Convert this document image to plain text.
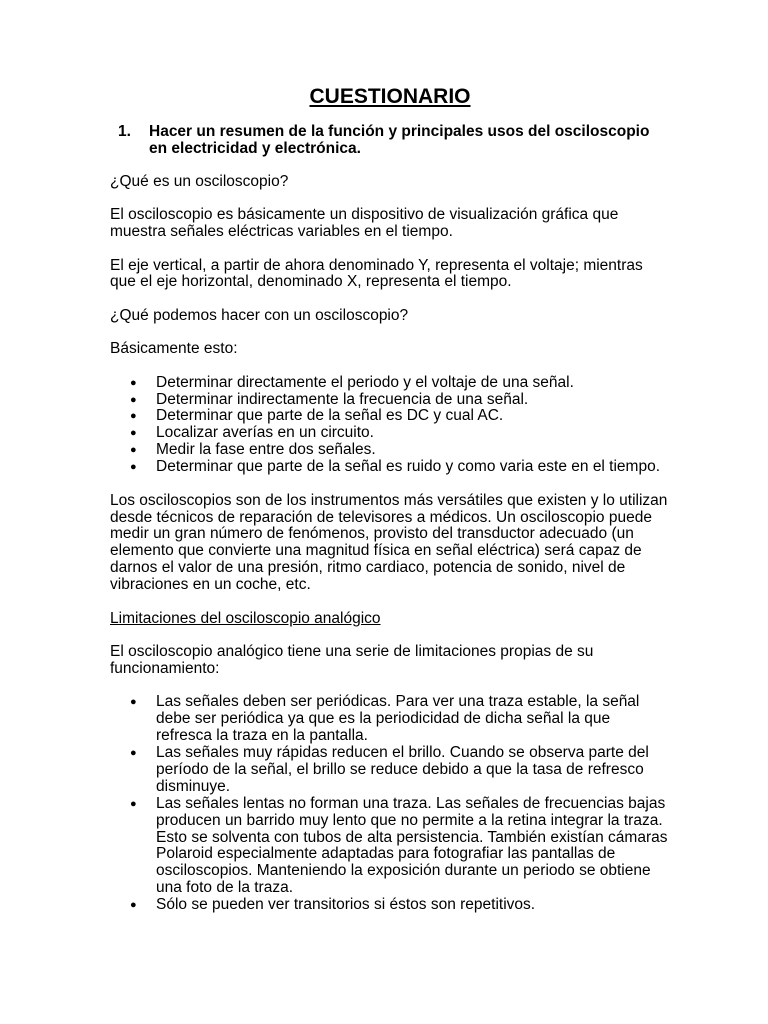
CUESTIONARIO
1.	Hacer un resumen de la función y principales usos del osciloscopio en electricidad y electrónica.

¿Qué es un osciloscopio?

El osciloscopio es básicamente un dispositivo de visualización gráfica que muestra señales eléctricas variables en el tiempo.

El eje vertical, a partir de ahora denominado Y, representa el voltaje; mientras que el eje horizontal, denominado X, representa el tiempo.

¿Qué podemos hacer con un osciloscopio?

Básicamente esto:

●	Determinar directamente el periodo y el voltaje de una señal.
●	Determinar indirectamente la frecuencia de una señal.
●	Determinar que parte de la señal es DC y cual AC.
●	Localizar averías en un circuito.
●	Medir la fase entre dos señales.
●	Determinar que parte de la señal es ruido y como varia este en el tiempo.

Los osciloscopios son de los instrumentos más versátiles que existen y lo utilizan desde técnicos de reparación de televisores a médicos. Un osciloscopio puede medir un gran número de fenómenos, provisto del transductor adecuado (un elemento que convierte una magnitud física en señal eléctrica) será capaz de darnos el valor de una presión, ritmo cardiaco, potencia de sonido, nivel de vibraciones en un coche, etc.

Limitaciones del osciloscopio analógico

El osciloscopio analógico tiene una serie de limitaciones propias de su funcionamiento:

●	Las señales deben ser periódicas. Para ver una traza estable, la señal debe ser periódica ya que es la periodicidad de dicha señal la que refresca la traza en la pantalla.
●	Las señales muy rápidas reducen el brillo. Cuando se observa parte del período de la señal, el brillo se reduce debido a que la tasa de refresco disminuye.
●	Las señales lentas no forman una traza. Las señales de frecuencias bajas producen un barrido muy lento que no permite a la retina integrar la traza. Esto se solventa con tubos de alta persistencia. También existían cámaras Polaroid especialmente adaptadas para fotografiar las pantallas de osciloscopios. Manteniendo la exposición durante un periodo se obtiene una foto de la traza.
●	Sólo se pueden ver transitorios si éstos son repetitivos.
